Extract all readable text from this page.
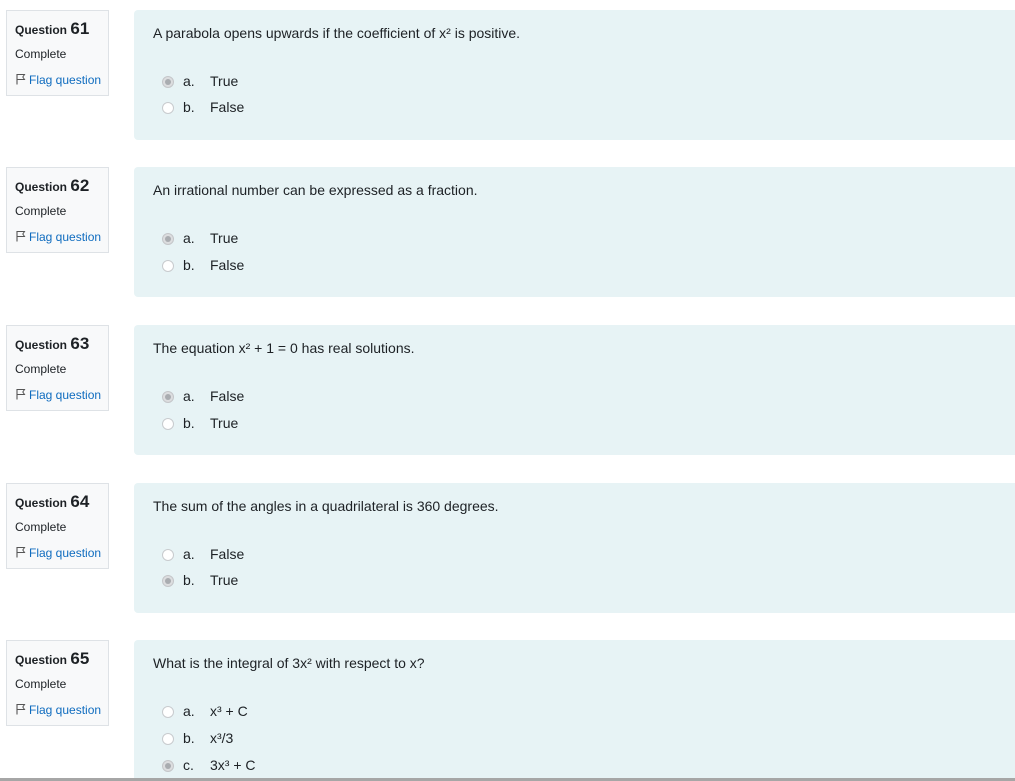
Question 61
Complete
Flag question
A parabola opens upwards if the coefficient of x² is positive.
a. True
b. False
Question 62
Complete
Flag question
An irrational number can be expressed as a fraction.
a. True
b. False
Question 63
Complete
Flag question
The equation x² + 1 = 0 has real solutions.
a. False
b. True
Question 64
Complete
Flag question
The sum of the angles in a quadrilateral is 360 degrees.
a. False
b. True
Question 65
Complete
Flag question
What is the integral of 3x² with respect to x?
a. x³ + C
b. x³/3
c. 3x³ + C
